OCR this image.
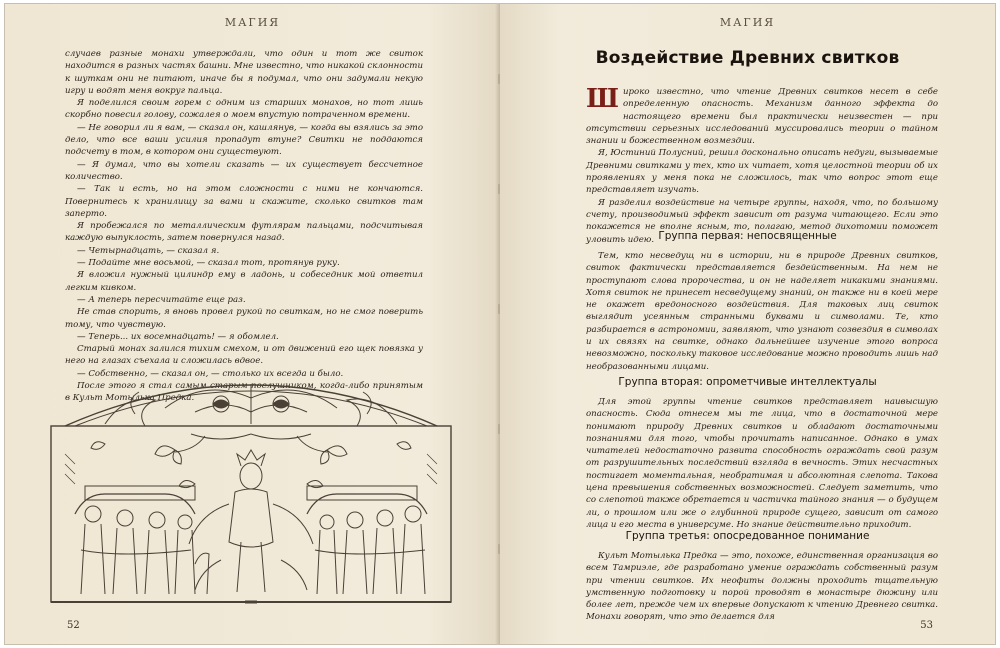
МАГИЯ

случаев разные монахи утверждали, что один и тот же свиток находится в разных частях башни. Мне известно, что никакой склонности к шуткам они не питают, иначе бы я подумал, что они задумали некую игру и водят меня вокруг пальца.

Я поделился своим горем с одним из старших монахов, но тот лишь скорбно повесил голову, сожалея о моем впустую потраченном времени.

— Не говорил ли я вам, — сказал он, кашлянув, — когда вы взялись за это дело, что все ваши усилия пропадут втуне? Свитки не поддаются подсчету в том, в котором они существуют.

— Я думал, что вы хотели сказать — их существует бессчетное количество.

— Так и есть, но на этом сложности с ними не кончаются. Повернитесь к хранилищу за вами и скажите, сколько свитков там заперто.

Я пробежался по металлическим футлярам пальцами, подсчитывая каждую выпуклость, затем повернулся назад.

— Четырнадцать, — сказал я.

— Подайте мне восьмой, — сказал тот, протянув руку.

Я вложил нужный цилиндр ему в ладонь, и собеседник мой ответил легким кивком.

— А теперь пересчитайте еще раз.

Не став спорить, я вновь провел рукой по свиткам, но не смог поверить тому, что чувствую.

— Теперь... их восемнадцать! — я обомлел.

Старый монах залился тихим смехом, и от движений его щек повязка у него на глазах съехала и сложилась вдвое.

— Собственно, — сказал он, — столько их всегда и было.

После этого я стал самым старым послушником, когда-либо принятым в Культ Мотылька Предка.

52
МАГИЯ
Воздействие Древних свитков

Широко известно, что чтение Древних свитков несет в себе определенную опасность. Механизм данного эффекта до настоящего времени был практически неизвестен — при отсутствии серьезных исследований муссировались теории о тайном знании и божественном возмездии.

Я, Юстиний Полусний, решил досконально описать недуги, вызываемые Древними свитками у тех, кто их читает, хотя целостной теории об их проявлениях у меня пока не сложилось, так что вопрос этот еще представляет изучать.

Я разделил воздействие на четыре группы, находя, что, по большому счету, производимый эффект зависит от разума читающего. Если это покажется не вполне ясным, то, полагаю, метод дихотомии поможет уловить идею. Группа первая: непосвященные

Тем, кто несведущ ни в истории, ни в природе Древних свитков, свиток фактически представляется бездейственным. На нем не проступают слова пророчества, и он не наделяет никакими знаниями. Хотя свиток не принесет несведущему знаний, он также ни в коей мере не окажет вредоносного воздействия. Для таковых лиц свиток выглядит усеянным странными буквами и символами. Те, кто разбирается в астрономии, заявляют, что узнают созвездия в символах и их связях на свитке, однако дальнейшее изучение этого вопроса невозможно, поскольку таковое исследование можно проводить лишь над необразованными лицами.

Группа вторая: опрометчивые интеллектуалы

Для этой группы чтение свитков представляет наивысшую опасность. Сюда отнесем мы те лица, что в достаточной мере понимают природу Древних свитков и обладают достаточными познаниями для того, чтобы прочитать написанное. Однако в умах читателей недостаточно развита способность ограждать свой разум от разрушительных последствий взгляда в вечность. Этих несчастных постигает моментальная, необратимая и абсолютная слепота. Такова цена превышения собственных возможностей. Следует заметить, что со слепотой также обретается и частичка тайного знания — о будущем ли, о прошлом или же о глубинной природе сущего, зависит от самого лица и его места в универсуме. Но знание действительно приходит.

Группа третья: опосредованное понимание

Культ Мотылька Предка — это, похоже, единственная организация во всем Тамриэле, где разработано умение ограждать собственный разум при чтении свитков. Их неофиты должны проходить тщательную умственную подготовку и порой проводят в монастыре дюжину или более лет, прежде чем их впервые допускают к чтению Древнего свитка. Монахи говорят, что это делается для

53
